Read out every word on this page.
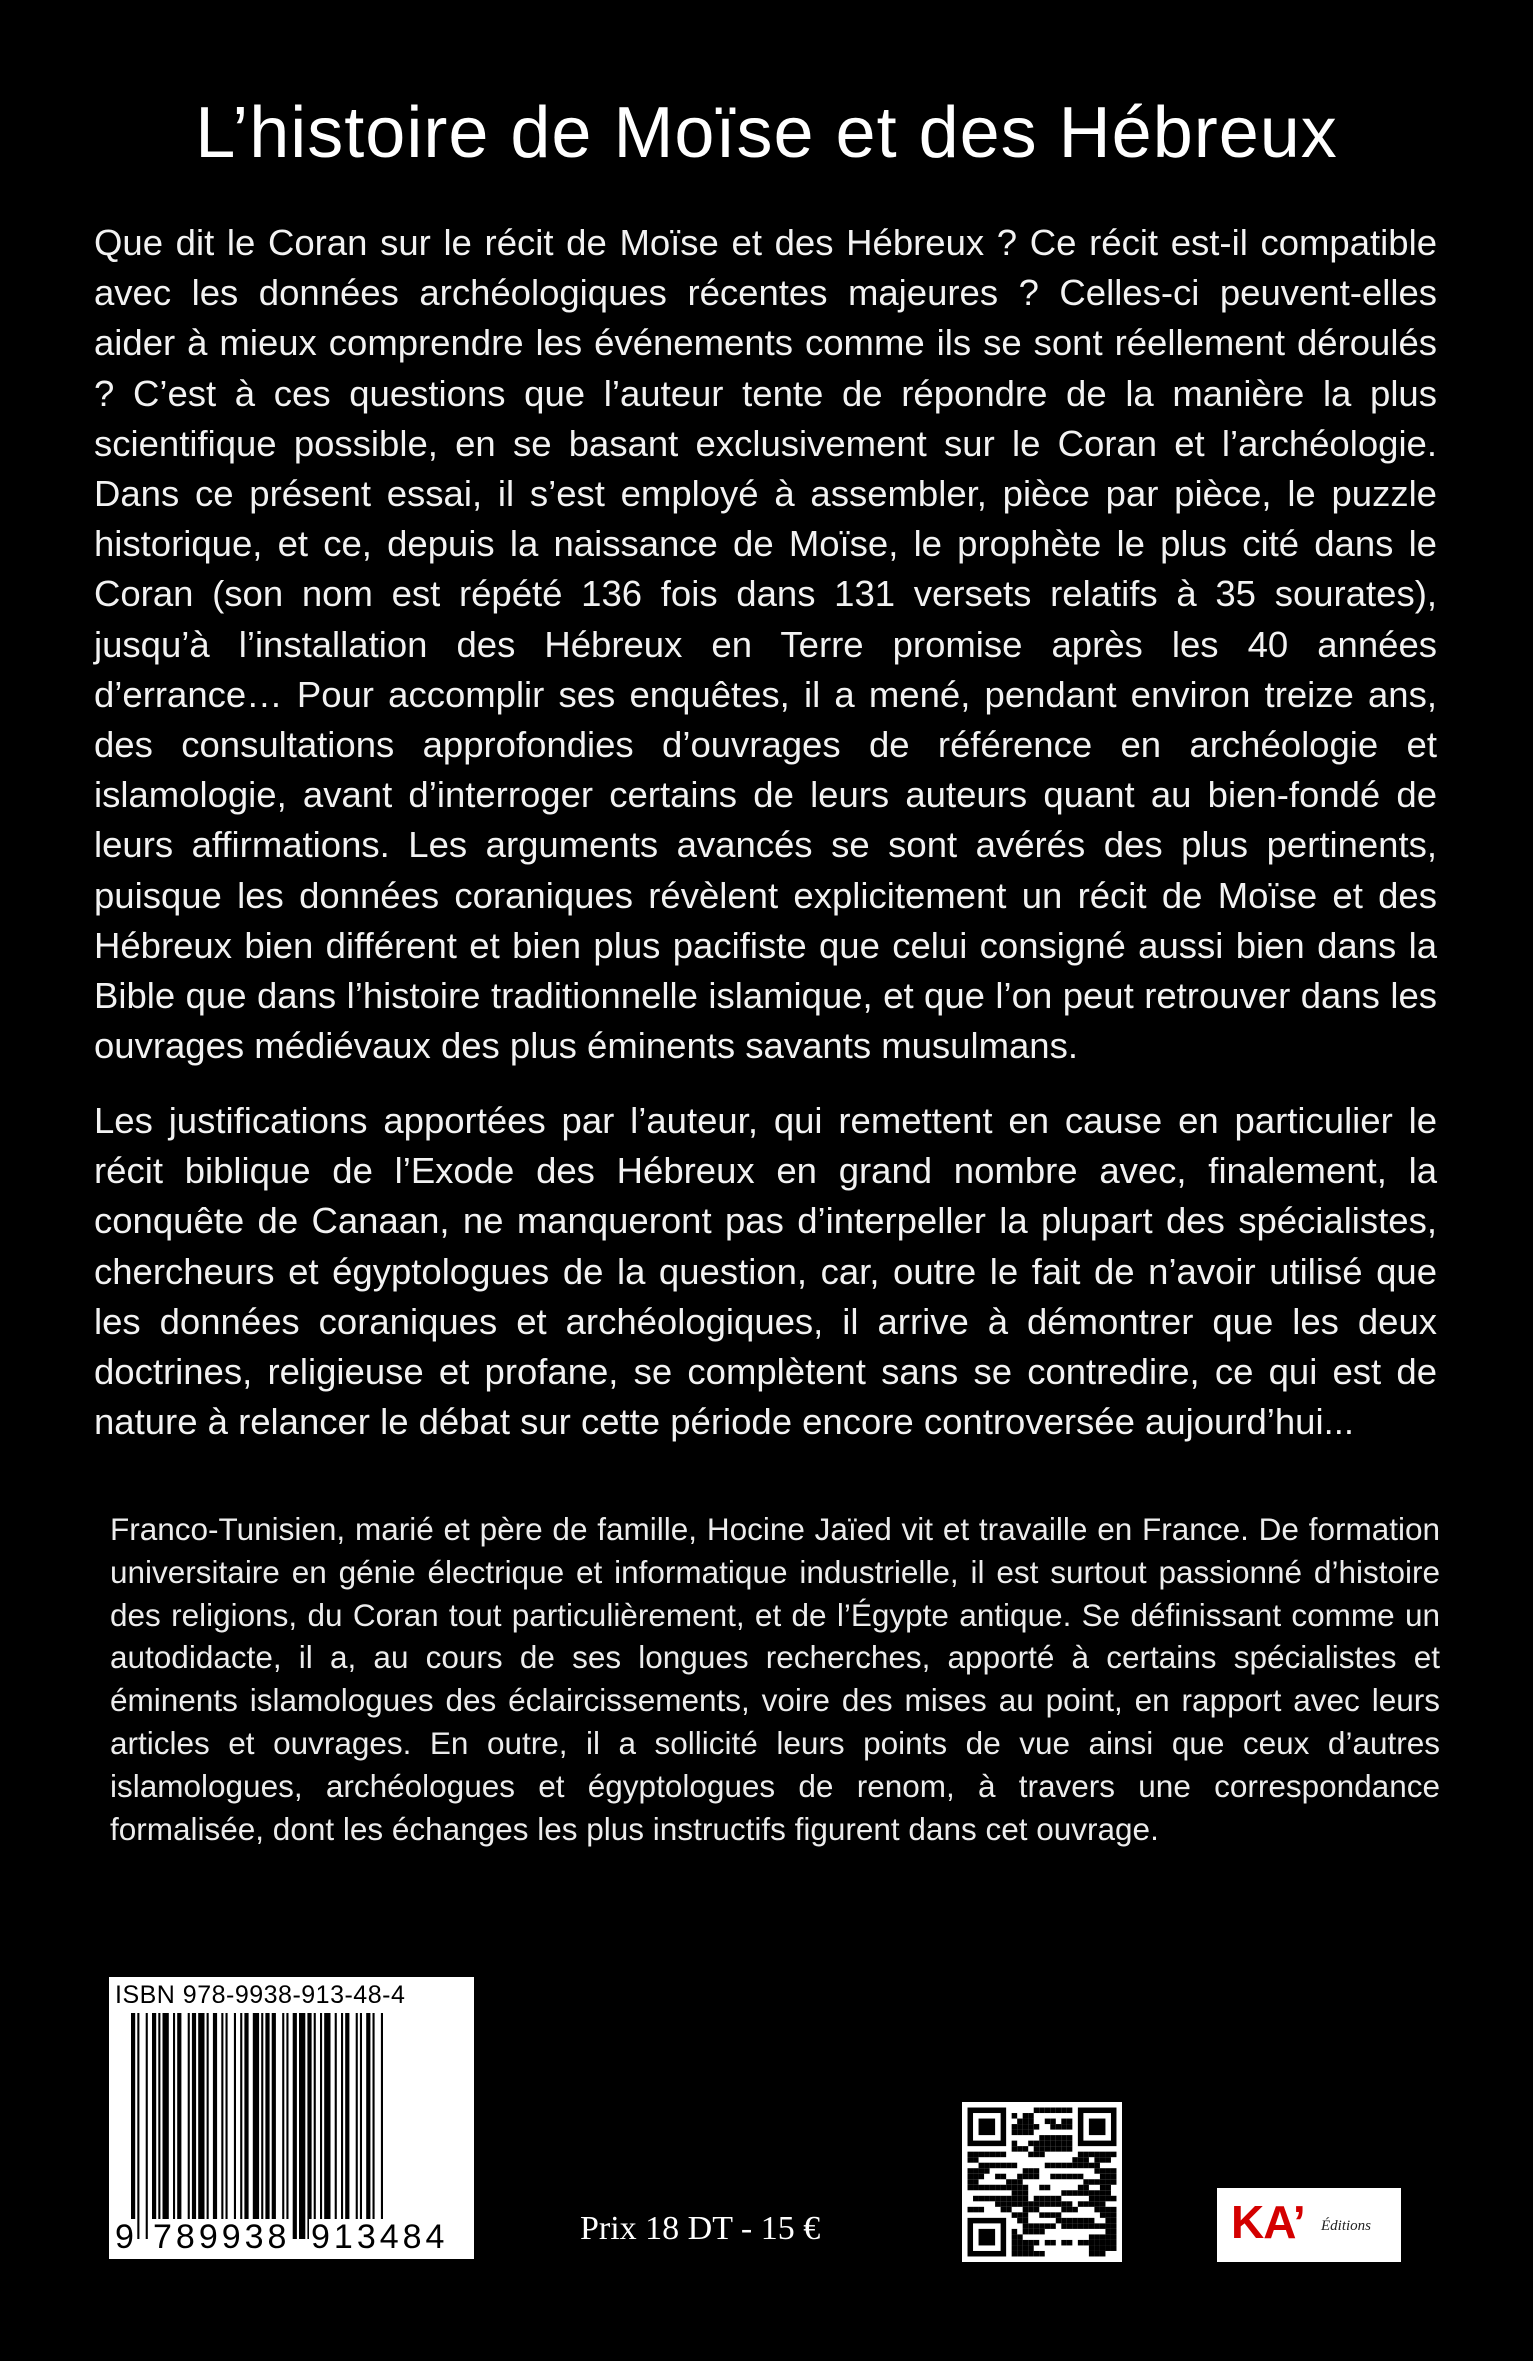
L’histoire de Moïse et des Hébreux

Que dit le Coran sur le récit de Moïse et des Hébreux ? Ce récit est-il compatible avec les données archéologiques récentes majeures ? Celles-ci peuvent-elles aider à mieux comprendre les événements comme ils se sont réellement déroulés ? C’est à ces questions que l’auteur tente de répondre de la manière la plus scientifique possible, en se basant exclusivement sur le Coran et l’archéologie. Dans ce présent essai, il s’est employé à assembler, pièce par pièce, le puzzle historique, et ce, depuis la naissance de Moïse, le prophète le plus cité dans le Coran (son nom est répété 136 fois dans 131 versets relatifs à 35 sourates), jusqu’à l’installation des Hébreux en Terre promise après les 40 années d’errance… Pour accomplir ses enquêtes, il a mené, pendant environ treize ans, des consultations approfondies d’ouvrages de référence en archéologie et islamologie, avant d’interroger certains de leurs auteurs quant au bien-fondé de leurs affirmations. Les arguments avancés se sont avérés des plus pertinents, puisque les données coraniques révèlent explicitement un récit de Moïse et des Hébreux bien différent et bien plus pacifiste que celui consigné aussi bien dans la Bible que dans l’histoire traditionnelle islamique, et que l’on peut retrouver dans les ouvrages médiévaux des plus éminents savants musulmans.

Les justifications apportées par l’auteur, qui remettent en cause en particulier le récit biblique de l’Exode des Hébreux en grand nombre avec, finalement, la conquête de Canaan, ne manqueront pas d’interpeller la plupart des spécialistes, chercheurs et égyptologues de la question, car, outre le fait de n’avoir utilisé que les données coraniques et archéologiques, il arrive à démontrer que les deux doctrines, religieuse et profane, se complètent sans se contredire, ce qui est de nature à relancer le débat sur cette période encore controversée aujourd’hui...

Franco-Tunisien, marié et père de famille, Hocine Jaïed vit et travaille en France. De formation universitaire en génie électrique et informatique industrielle, il est surtout passionné d’histoire des religions, du Coran tout particulièrement, et de l’Égypte antique. Se définissant comme un autodidacte, il a, au cours de ses longues recherches, apporté à certains spécialistes et éminents islamologues des éclaircissements, voire des mises au point, en rapport avec leurs articles et ouvrages. En outre, il a sollicité leurs points de vue ainsi que ceux d’autres islamologues, archéologues et égyptologues de renom, à travers une correspondance formalisée, dont les échanges les plus instructifs figurent dans cet ouvrage.

ISBN 978-9938-913-48-4
9 789938 913484	Prix 18 DT - 15 €	KA’ Éditions
